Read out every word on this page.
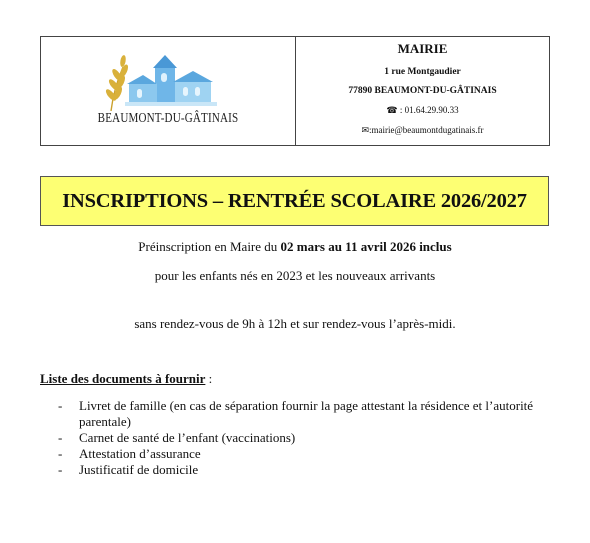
BEAUMONT-DU-GÂTINAIS
MAIRIE
1 rue Montgaudier
77890 BEAUMONT-DU-GÂTINAIS
☎ : 01.64.29.90.33
✉:mairie@beaumontdugatinais.fr
INSCRIPTIONS – RENTRÉE SCOLAIRE 2026/2027
Préinscription en Maire du 02 mars au 11 avril 2026 inclus
pour les enfants nés en 2023 et les nouveaux arrivants
sans rendez-vous de 9h à 12h et sur rendez-vous l’après-midi.
Liste des documents à fournir :
- Livret de famille (en cas de séparation fournir la page attestant la résidence et l’autorité parentale)
- Carnet de santé de l’enfant (vaccinations)
- Attestation d’assurance
- Justificatif de domicile
